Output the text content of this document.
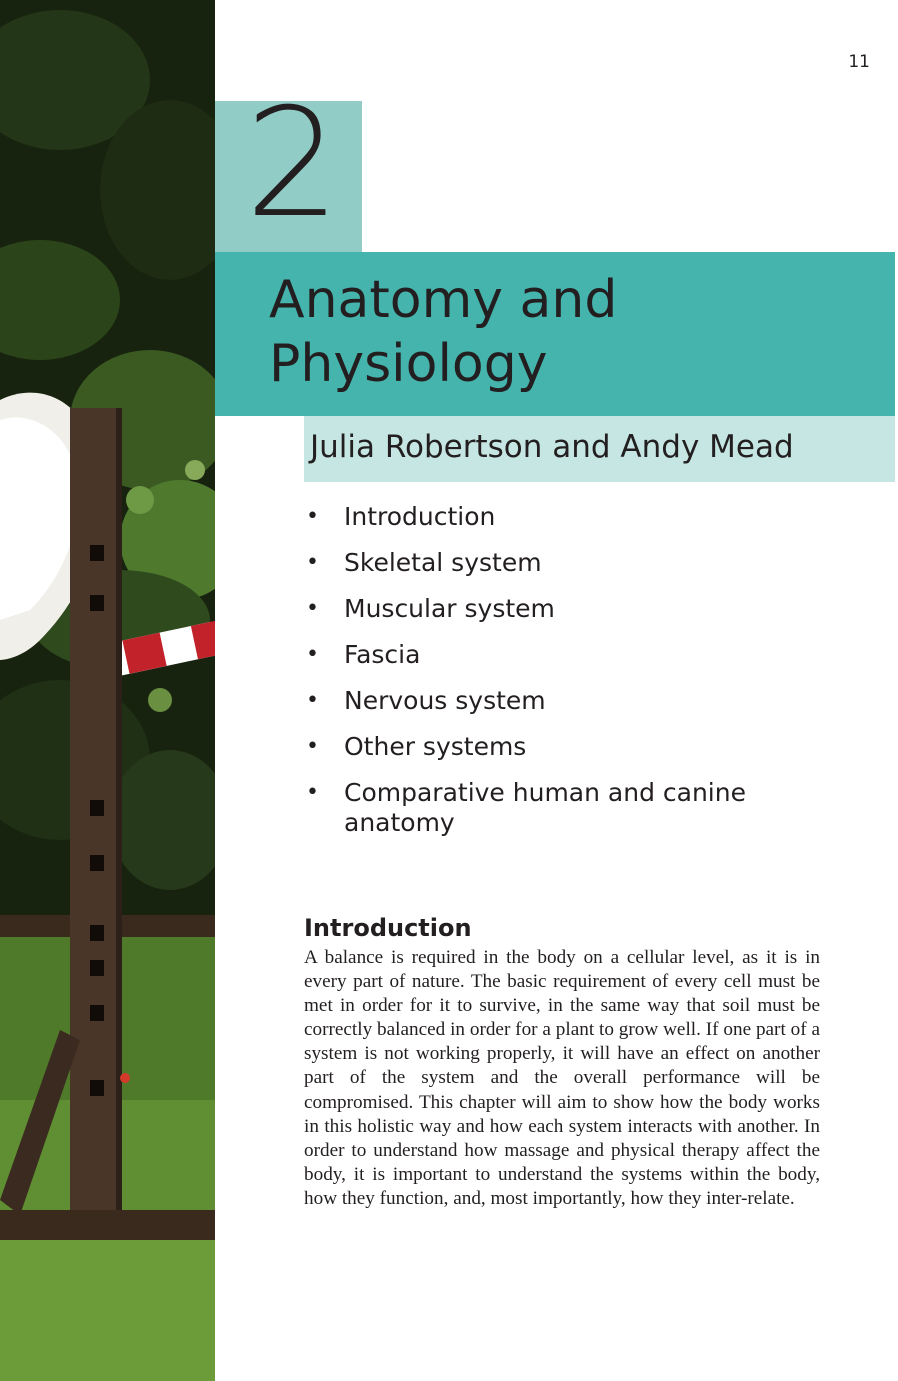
11
2
Anatomy and Physiology
Julia Robertson and Andy Mead
• Introduction
• Skeletal system
• Muscular system
• Fascia
• Nervous system
• Other systems
• Comparative human and canine anatomy
Introduction

A balance is required in the body on a cellular level, as it is in every part of nature. The basic requirement of every cell must be met in order for it to survive, in the same way that soil must be correctly balanced in order for a plant to grow well. If one part of a system is not working properly, it will have an effect on another part of the system and the overall performance will be compromised. This chapter will aim to show how the body works in this holistic way and how each system interacts with another. In order to understand how massage and physical therapy affect the body, it is important to understand the systems within the body, how they function, and, most importantly, how they inter-relate.
